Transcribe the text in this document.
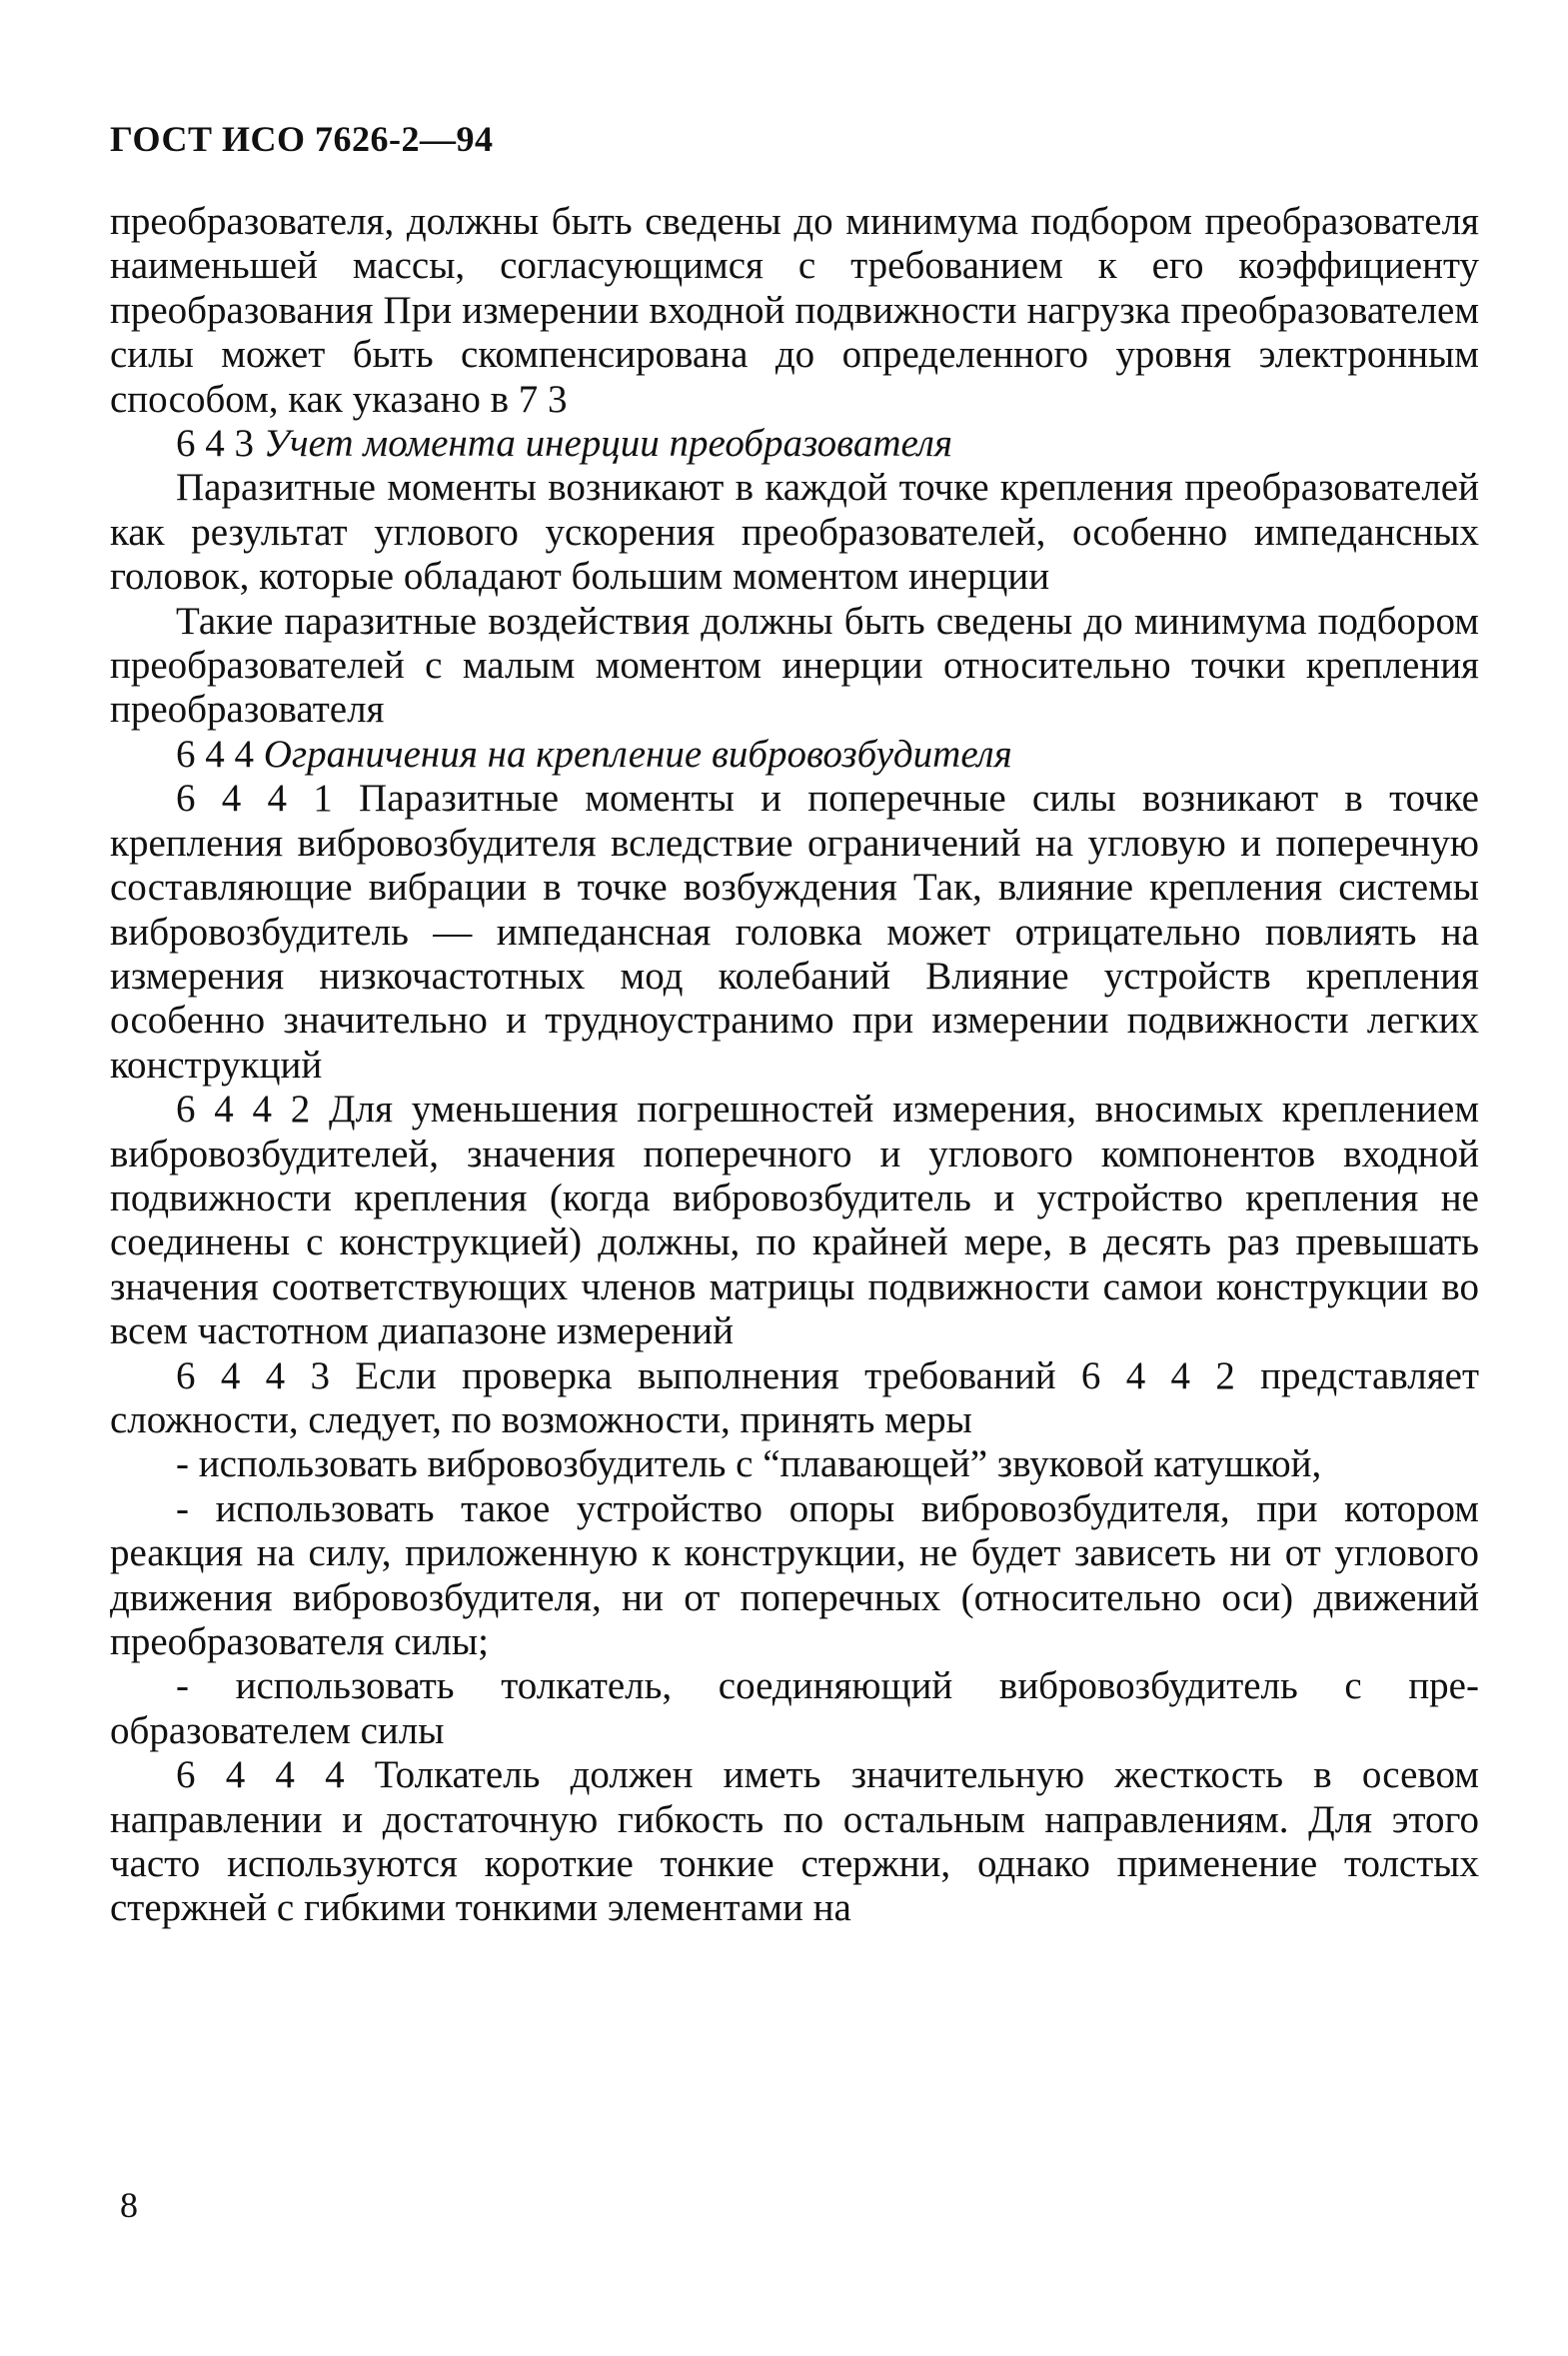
ГОСТ ИСО 7626-2—94

преобразователя, должны быть сведены до минимума подбором преобразователя наименьшей массы, согласующимся с требованием к его коэффициенту преобразования При измерении входной подвижности нагрузка преобразователем силы может быть скомпенсирована до определенного уровня электронным способом, как указано в 7 3

6 4 3 Учет момента инерции преобразователя

Паразитные моменты возникают в каждой точке крепления преобразователей как результат углового ускорения преобразователей, особенно импедансных головок, которые обладают большим моментом инерции

Такие паразитные воздействия должны быть сведены до минимума подбором преобразователей с малым моментом инерции относительно точки крепления преобразователя

6 4 4 Ограничения на крепление вибровозбудителя

6 4 4 1 Паразитные моменты и поперечные силы возникают в точке крепления вибровозбудителя вследствие ограничений на угловую и поперечную составляющие вибрации в точке возбуждения Так, влияние крепления системы вибровозбудитель — импедансная головка может отрицательно повлиять на измерения низкочастотных мод колебаний Влияние устройств крепления особенно значительно и трудноустранимо при измерении подвижности легких конструкций

6 4 4 2 Для уменьшения погрешностей измерения, вносимых креплением вибровозбудителей, значения поперечного и углового компонентов входной подвижности крепления (когда вибровозбудитель и устройство крепления не соединены с конструкцией) должны, по крайней мере, в десять раз превышать значения соответствующих членов матрицы подвижности самои конструкции во всем частотном диапазоне измерений

6 4 4 3 Если проверка выполнения требований 6 4 4 2 представляет сложности, следует, по возможности, принять меры

- использовать вибровозбудитель с “плавающей” звуковой катушкой,

- использовать такое устройство опоры вибровозбудителя, при котором реакция на силу, приложенную к конструкции, не будет зависеть ни от углового движения вибровозбудителя, ни от поперечных (относительно оси) движений преобразователя силы;

- использовать толкатель, соединяющий вибровозбудитель с преобразователем силы

6 4 4 4 Толкатель должен иметь значительную жесткость в осевом направлении и достаточную гибкость по остальным направлениям. Для этого часто используются короткие тонкие стержни, однако применение толстых стержней с гибкими тонкими элементами на

8
